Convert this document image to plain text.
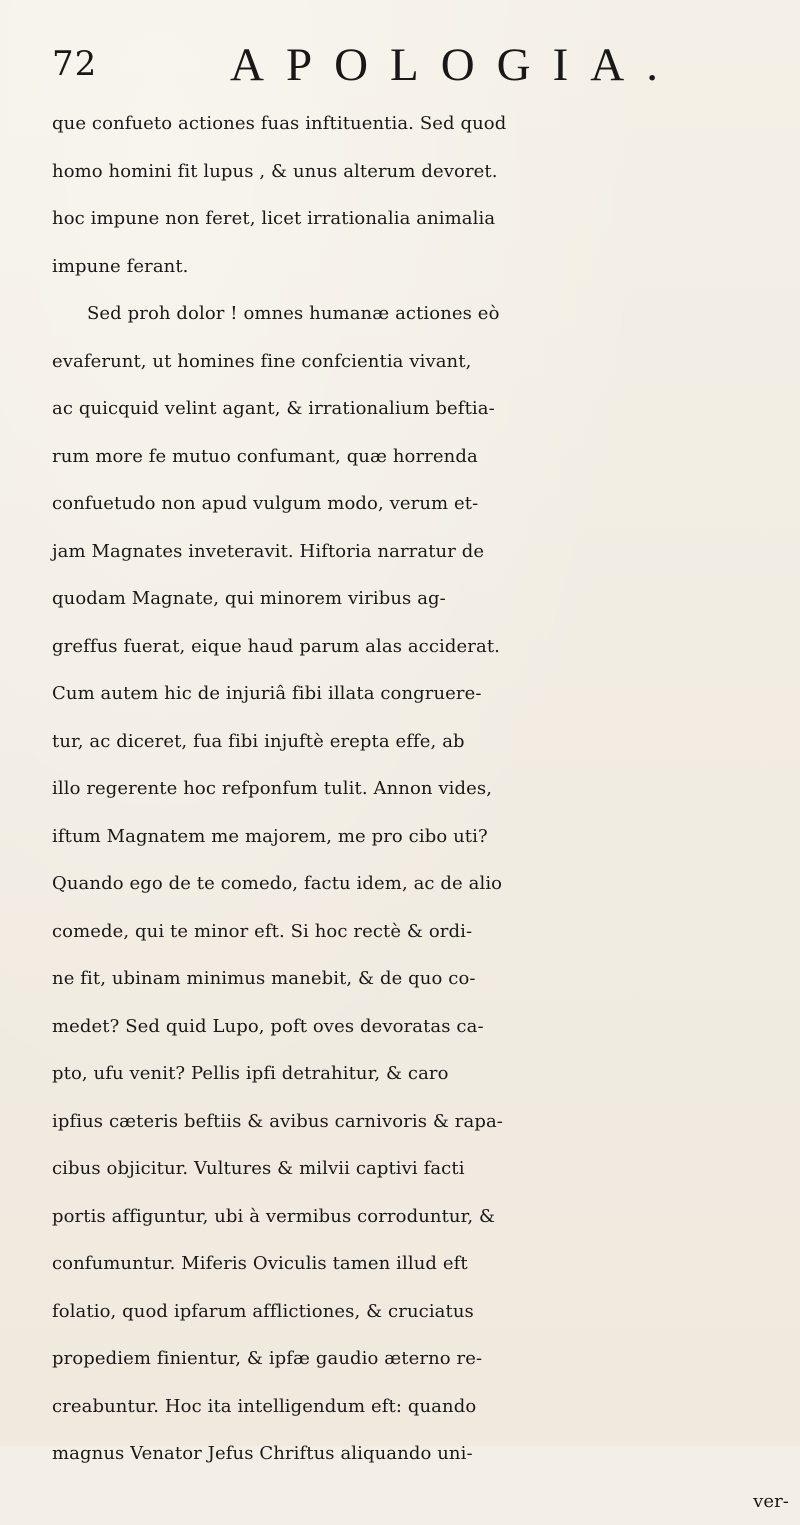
72	APOLOGIA.
que confueto actiones fuas inftituentia. Sed quod
homo homini fit lupus , & unus alterum devoret.
hoc impune non feret, licet irrationalia animalia
impune ferant.
Sed proh dolor ! omnes humanæ actiones eò
evaferunt, ut homines fine confcientia vivant,
ac quicquid velint agant, & irrationalium beftia-
rum more fe mutuo confumant, quæ horrenda
confuetudo non apud vulgum modo, verum et-
jam Magnates inveteravit. Hiftoria narratur de
quodam Magnate, qui minorem viribus ag-
greffus fuerat, eique haud parum alas acciderat.
Cum autem hic de injuriâ fibi illata congruere-
tur, ac diceret, fua fibi injuftè erepta effe, ab
illo regerente hoc refponfum tulit. Annon vides,
iftum Magnatem me majorem, me pro cibo uti?
Quando ego de te comedo, factu idem, ac de alio
comede, qui te minor eft. Si hoc rectè & ordi-
ne fit, ubinam minimus manebit, & de quo co-
medet? Sed quid Lupo, poft oves devoratas ca-
pto, ufu venit? Pellis ipfi detrahitur, & caro
ipfius cæteris beftiis & avibus carnivoris & rapa-
cibus objicitur. Vultures & milvii captivi facti
portis affiguntur, ubi à vermibus corroduntur, &
confumuntur. Miferis Oviculis tamen illud eft
folatio, quod ipfarum afflictiones, & cruciatus
propediem finientur, & ipfæ gaudio æterno re-
creabuntur. Hoc ita intelligendum eft: quando
magnus Venator Jefus Chriftus aliquando uni-
ver-
